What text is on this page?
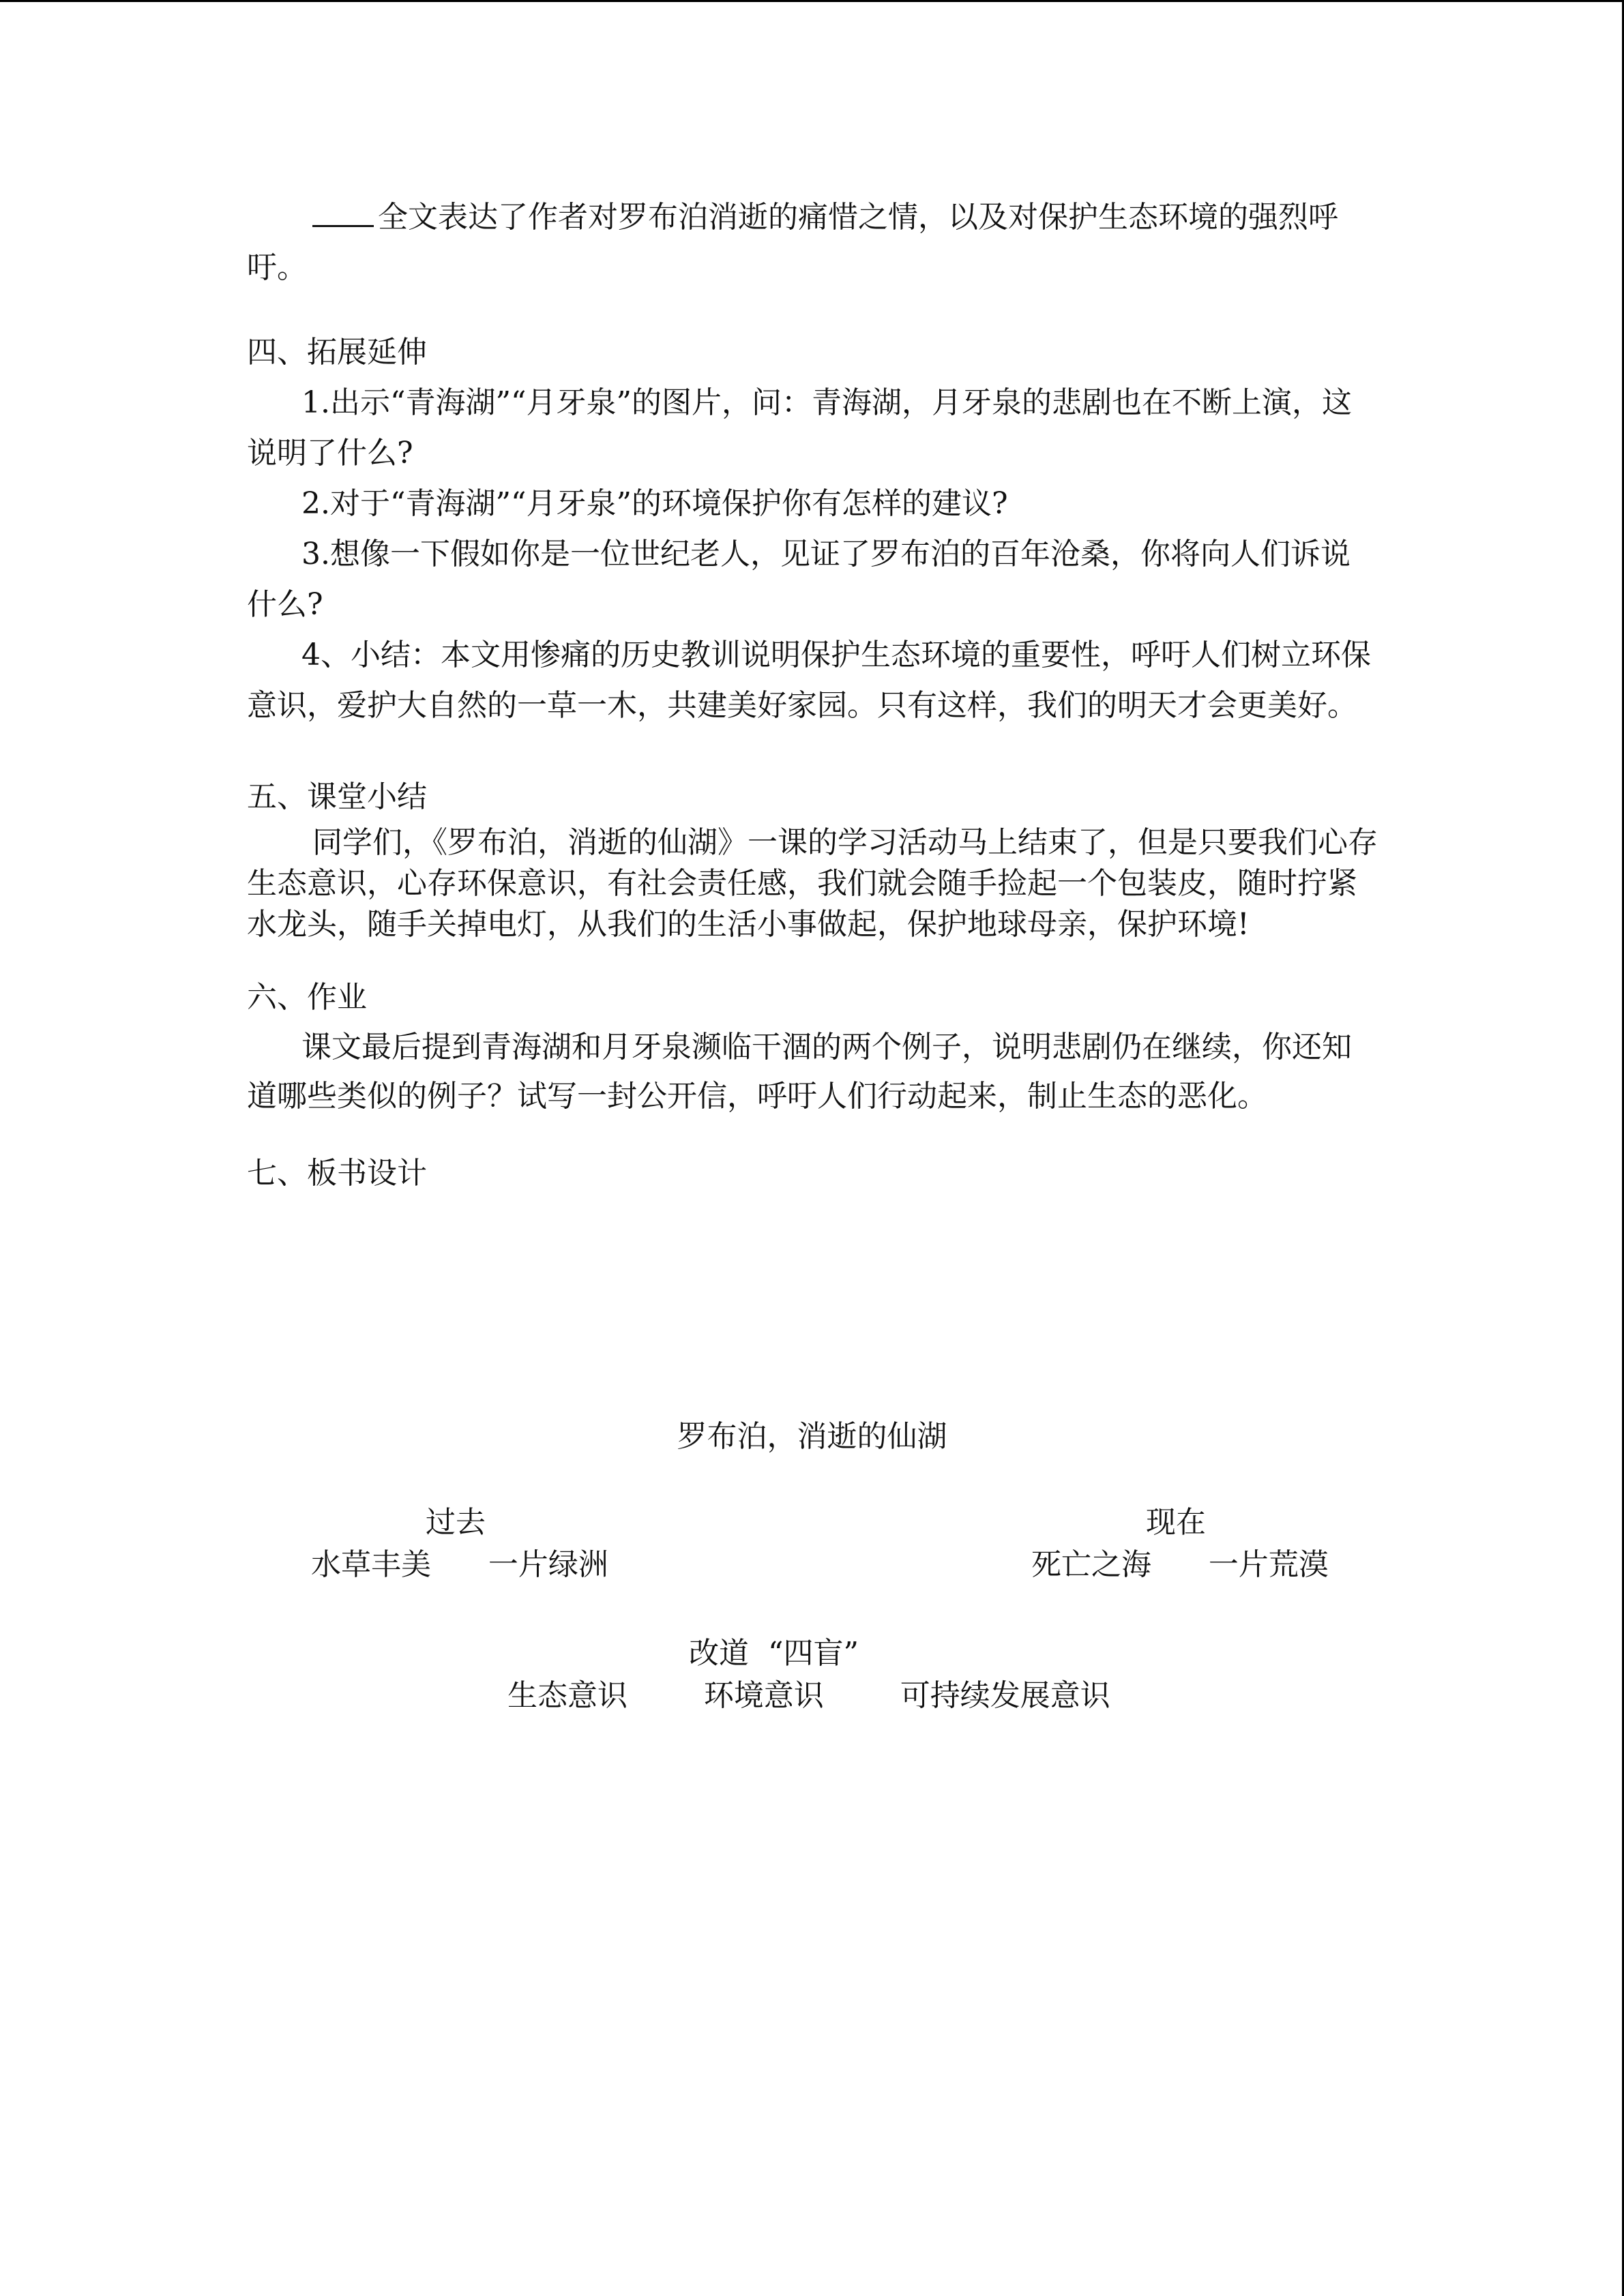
全文表达了作者对罗布泊消逝的痛惜之情，以及对保护生态环境的强烈呼吁。

四、拓展延伸

1.出示“青海湖”“月牙泉”的图片，问：青海湖，月牙泉的悲剧也在不断上演，这说明了什么?

2.对于“青海湖”“月牙泉”的环境保护你有怎样的建议?

3.想像一下假如你是一位世纪老人，见证了罗布泊的百年沧桑，你将向人们诉说什么?

4、小结：本文用惨痛的历史教训说明保护生态环境的重要性，呼吁人们树立环保意识，爱护大自然的一草一木，共建美好家园。只有这样，我们的明天才会更美好。

五、课堂小结

同学们，《罗布泊，消逝的仙湖》一课的学习活动马上结束了，但是只要我们心存生态意识，心存环保意识，有社会责任感，我们就会随手捡起一个包装皮，随时拧紧水龙头，随手关掉电灯，从我们的生活小事做起，保护地球母亲，保护环境!

六、作业

课文最后提到青海湖和月牙泉濒临干涸的两个例子，说明悲剧仍在继续，你还知道哪些类似的例子？试写一封公开信，呼吁人们行动起来，制止生态的恶化。

七、板书设计
罗布泊，消逝的仙湖
过去
水草丰美      一片绿洲
现在
死亡之海      一片荒漠
改道  “四盲”
生态意识        环境意识        可持续发展意识
